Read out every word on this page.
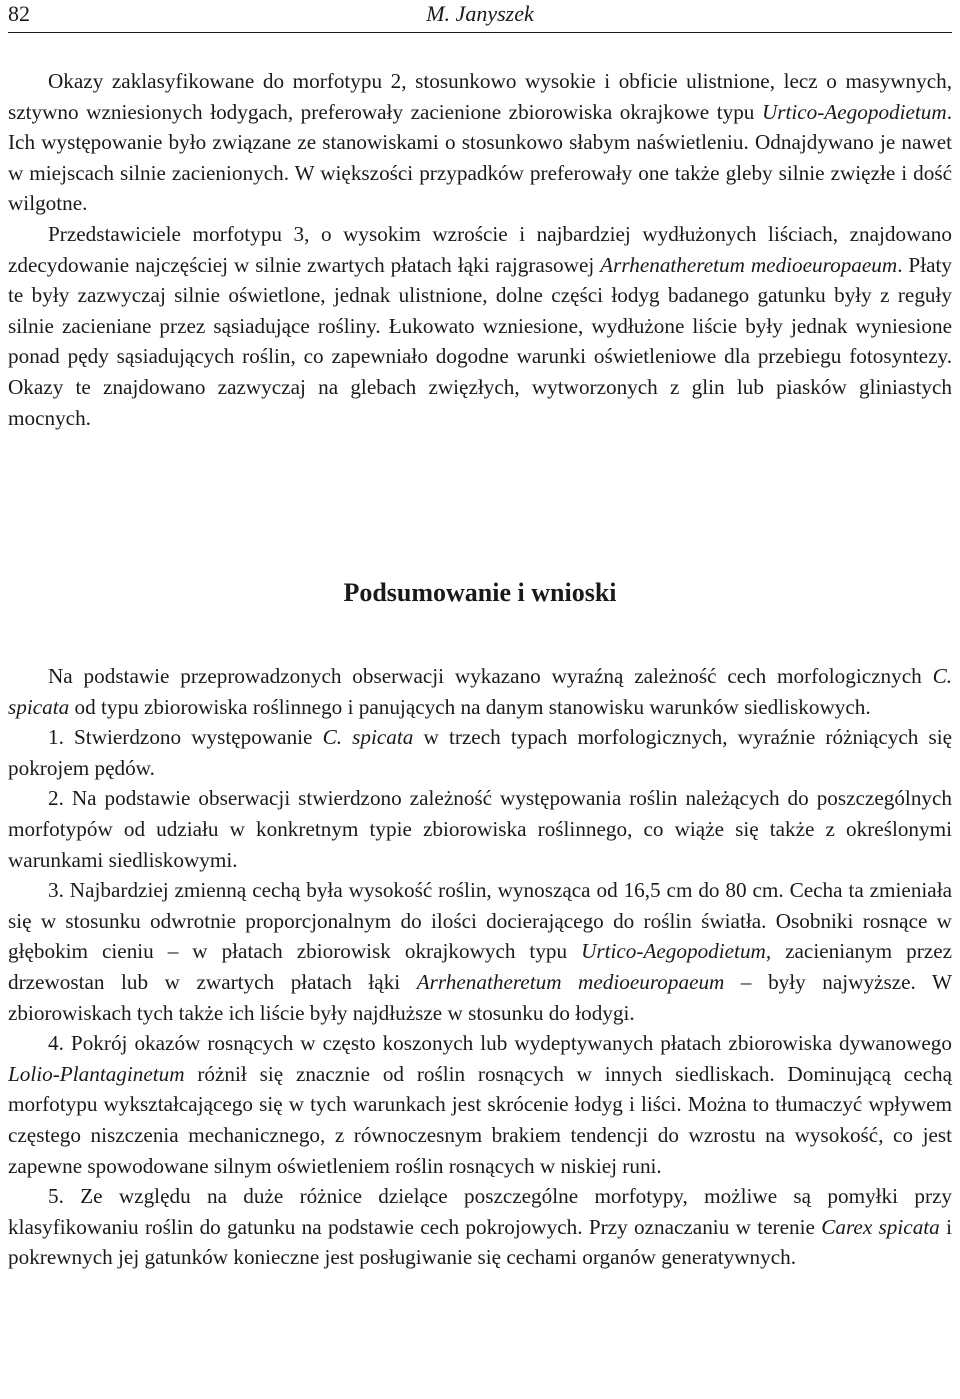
82	M. Janyszek

Okazy zaklasyfikowane do morfotypu 2, stosunkowo wysokie i obficie ulistnione, lecz o masywnych, sztywno wzniesionych łodygach, preferowały zacienione zbiorowiska okrajkowe typu Urtico-Aegopodietum. Ich występowanie było związane ze stanowiskami o stosunkowo słabym naświetleniu. Odnajdywano je nawet w miejscach silnie zacienionych. W większości przypadków preferowały one także gleby silnie zwięzłe i dość wilgotne.

Przedstawiciele morfotypu 3, o wysokim wzroście i najbardziej wydłużonych liściach, znajdowano zdecydowanie najczęściej w silnie zwartych płatach łąki rajgrasowej Arrhenatheretum medioeuropaeum. Płaty te były zazwyczaj silnie oświetlone, jednak ulistnione, dolne części łodyg badanego gatunku były z reguły silnie zacieniane przez sąsiadujące rośliny. Łukowato wzniesione, wydłużone liście były jednak wyniesione ponad pędy sąsiadujących roślin, co zapewniało dogodne warunki oświetleniowe dla przebiegu fotosyntezy. Okazy te znajdowano zazwyczaj na glebach zwięzłych, wytworzonych z glin lub piasków gliniastych mocnych.

Podsumowanie i wnioski

Na podstawie przeprowadzonych obserwacji wykazano wyraźną zależność cech morfologicznych C. spicata od typu zbiorowiska roślinnego i panujących na danym stanowisku warunków siedliskowych.

1. Stwierdzono występowanie C. spicata w trzech typach morfologicznych, wyraźnie różniących się pokrojem pędów.

2. Na podstawie obserwacji stwierdzono zależność występowania roślin należących do poszczególnych morfotypów od udziału w konkretnym typie zbiorowiska roślinnego, co wiąże się także z określonymi warunkami siedliskowymi.

3. Najbardziej zmienną cechą była wysokość roślin, wynosząca od 16,5 cm do 80 cm. Cecha ta zmieniała się w stosunku odwrotnie proporcjonalnym do ilości docierającego do roślin światła. Osobniki rosnące w głębokim cieniu – w płatach zbiorowisk okrajkowych typu Urtico-Aegopodietum, zacienianym przez drzewostan lub w zwartych płatach łąki Arrhenatheretum medioeuropaeum – były najwyższe. W zbiorowiskach tych także ich liście były najdłuższe w stosunku do łodygi.

4. Pokrój okazów rosnących w często koszonych lub wydeptywanych płatach zbiorowiska dywanowego Lolio-Plantaginetum różnił się znacznie od roślin rosnących w innych siedliskach. Dominującą cechą morfotypu wykształcającego się w tych warunkach jest skrócenie łodyg i liści. Można to tłumaczyć wpływem częstego niszczenia mechanicznego, z równoczesnym brakiem tendencji do wzrostu na wysokość, co jest zapewne spowodowane silnym oświetleniem roślin rosnących w niskiej runi.

5. Ze względu na duże różnice dzielące poszczególne morfotypy, możliwe są pomyłki przy klasyfikowaniu roślin do gatunku na podstawie cech pokrojowych. Przy oznaczaniu w terenie Carex spicata i pokrewnych jej gatunków konieczne jest posługiwanie się cechami organów generatywnych.
